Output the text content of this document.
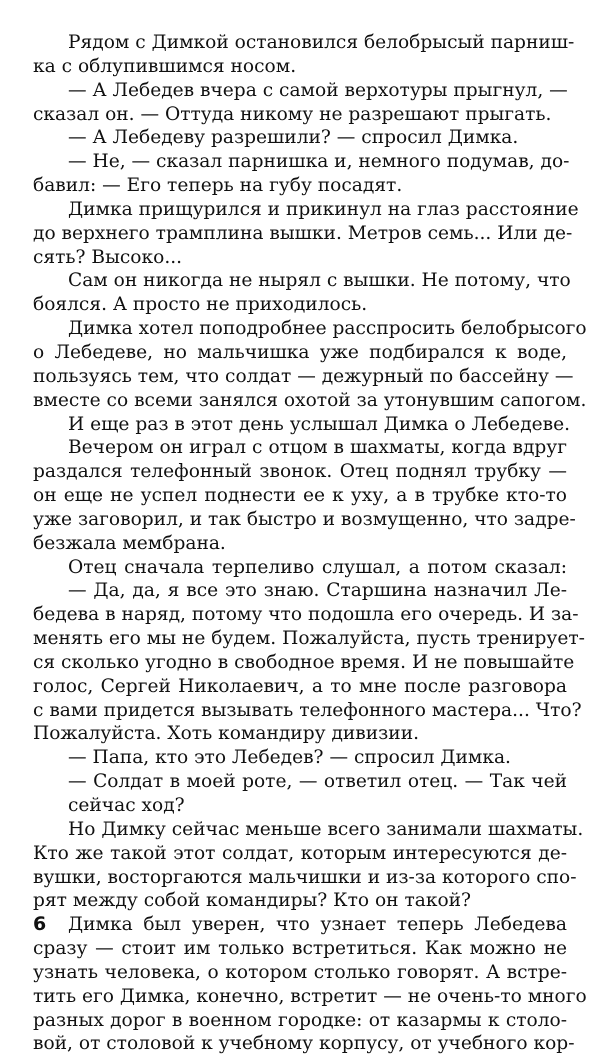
Рядом с Димкой остановился белобрысый парниш-
ка с облупившимся носом.
— А Лебедев вчера с самой верхотуры прыгнул, —
сказал он. — Оттуда никому не разрешают прыгать.
— А Лебедеву разрешили? — спросил Димка.
— Не, — сказал парнишка и, немного подумав, до-
бавил: — Его теперь на губу посадят.
Димка прищурился и прикинул на глаз расстояние
до верхнего трамплина вышки. Метров семь... Или де-
сять? Высоко...
Сам он никогда не нырял с вышки. Не потому, что
боялся. А просто не приходилось.
Димка хотел поподробнее расспросить белобрысого
о Лебедеве, но мальчишка уже подбирался к воде,
пользуясь тем, что солдат — дежурный по бассейну —
вместе со всеми занялся охотой за утонувшим сапогом.
И еще раз в этот день услышал Димка о Лебедеве.
Вечером он играл с отцом в шахматы, когда вдруг
раздался телефонный звонок. Отец поднял трубку —
он еще не успел поднести ее к уху, а в трубке кто-то
уже заговорил, и так быстро и возмущенно, что задре-
безжала мембрана.
Отец сначала терпеливо слушал, а потом сказал:
— Да, да, я все это знаю. Старшина назначил Ле-
бедева в наряд, потому что подошла его очередь. И за-
менять его мы не будем. Пожалуйста, пусть тренирует-
ся сколько угодно в свободное время. И не повышайте
голос, Сергей Николаевич, а то мне после разговора
с вами придется вызывать телефонного мастера... Что?
Пожалуйста. Хоть командиру дивизии.
— Папа, кто это Лебедев? — спросил Димка.
— Солдат в моей роте, — ответил отец. — Так чей
сейчас ход?
Но Димку сейчас меньше всего занимали шахматы.
Кто же такой этот солдат, которым интересуются де-
вушки, восторгаются мальчишки и из-за которого спо-
рят между собой командиры? Кто он такой?
Димка был уверен, что узнает теперь Лебедева
сразу — стоит им только встретиться. Как можно не
узнать человека, о котором столько говорят. А встре-
тить его Димка, конечно, встретит — не очень-то много
разных дорог в военном городке: от казармы к столо-
вой, от столовой к учебному корпусу, от учебного кор-
6
